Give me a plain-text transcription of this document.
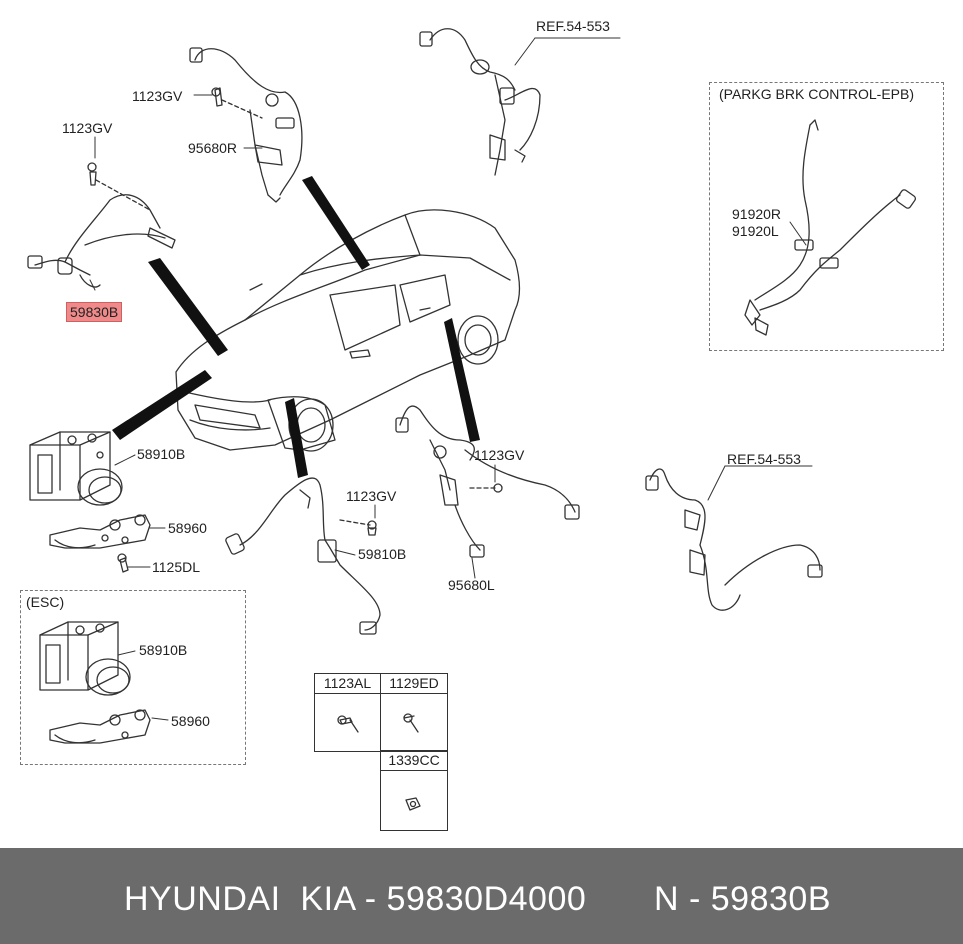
1123AL	1129ED
1339CC
REF.54-553
1123GV
95680R
1123GV
59830B
(PARKG BRK CONTROL-EPB)
91920R
91920L
58910B
58960
1125DL
1123GV
59810B
1123GV
95680L
REF.54-553
(ESC)
58910B
58960
HYUNDAI  KIA - 59830D4000 N - 59830B
